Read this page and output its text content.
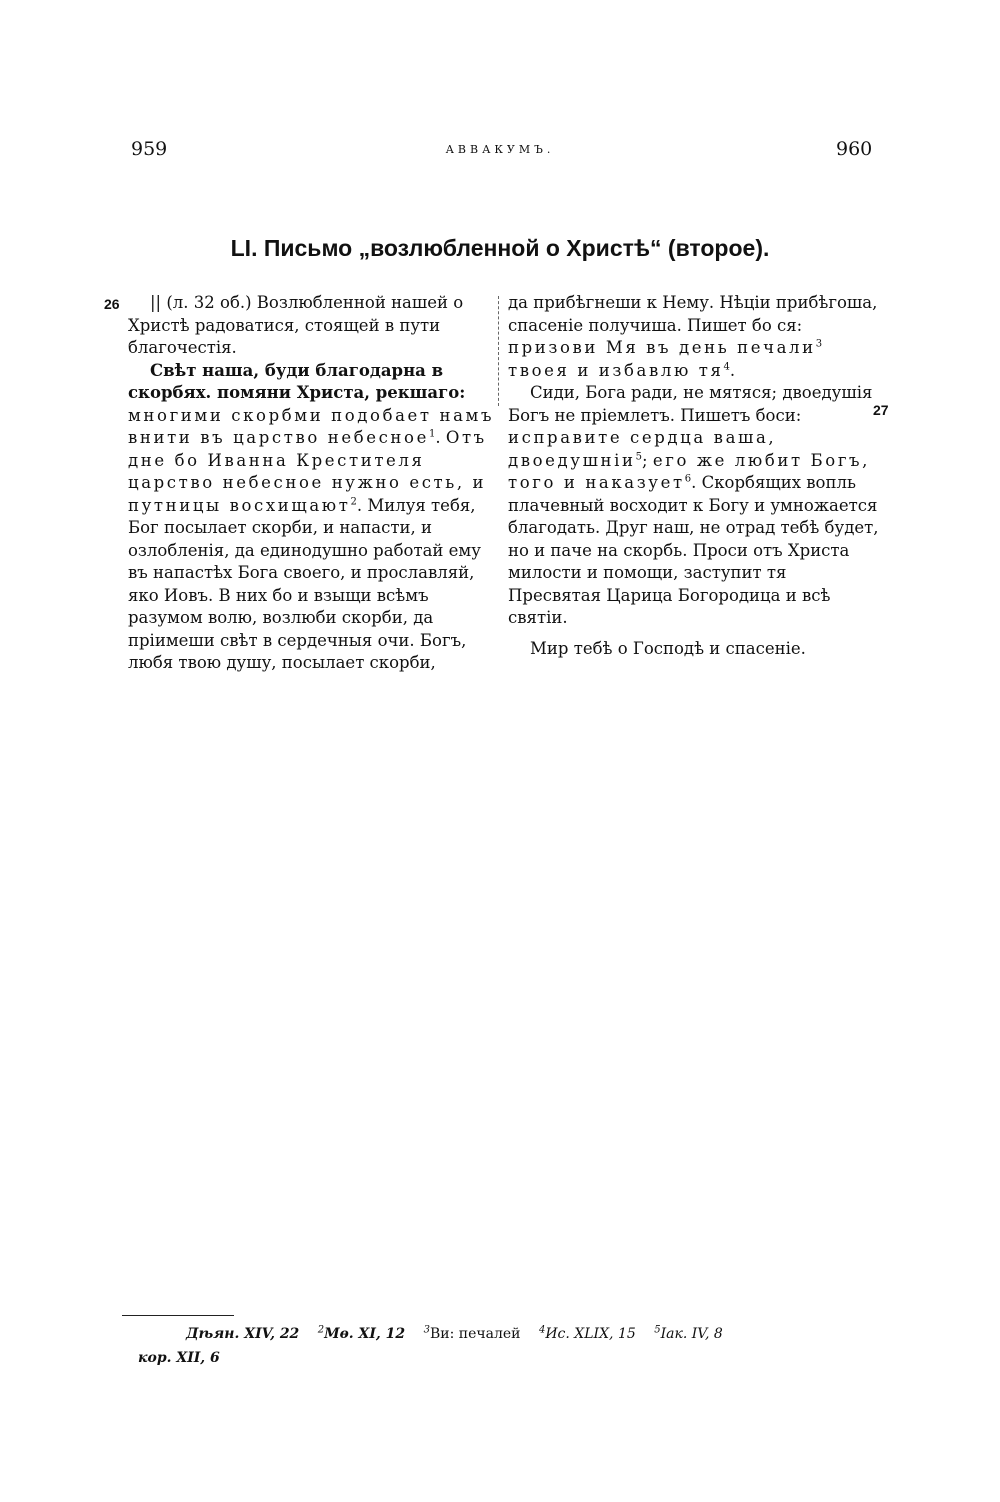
959	АВВАКУМЪ.	960
LI. Письмо „возлюбленной о Христѣ“ (второе).
26
27

|| (л. 32 об.) Возлюбленной нашей о Христѣ радоватися, стоящей в пути благочестія.

Свѣт наша, буди благодарна в скорбях. помяни Христа, рекшаго: многими скорбми подобает намъ внити въ царство небесное$^1$. Отъ дне бо Иванна Крестителя царство небесное нужно есть, и путницы восхищают$^2$. Милуя тебя, Бог посылает скорби, и напасти, и озлобленія, да единодушно работай ему въ напастѣх Бога своего, и прославляй, яко Иовъ. В них бо и взыщи всѣмъ разумом волю, возлюби скорби, да пріимеши свѣт в сердечныя очи. Богъ, любя твою душу, посылает скорби,

да прибѣгнеши к Нему. Нѣціи прибѣгоша, спасеніе получиша. Пишет бо ся: призови Мя въ день печали$^3$ твоея и избавлю $тя^4$.

Сиди, Бога ради, не мятяся; двоедушія Богъ не пріемлетъ. Пишетъ боси: исправите сердца ваша, двоедушніи$^5$; его же любит Богъ, того и наказует$^6$. Скорбящих вопль плачевный восходит к Богу и умножается благодать. Друг наш, не отрад тебѣ будет, но и паче на скорбь. Проси отъ Христа милости и помощи, заступит тя Пресвятая Царица Богородица и всѣ святіи.

Мир тебѣ о Господѣ и спасеніе.

Дѣян. XIV, 22 $^2$Мѳ. XI, 12 $^3$Ви: печалей $^4$Ис. XLIX, 15 $^5$Іак. IV, 8
кор. XII, 6
